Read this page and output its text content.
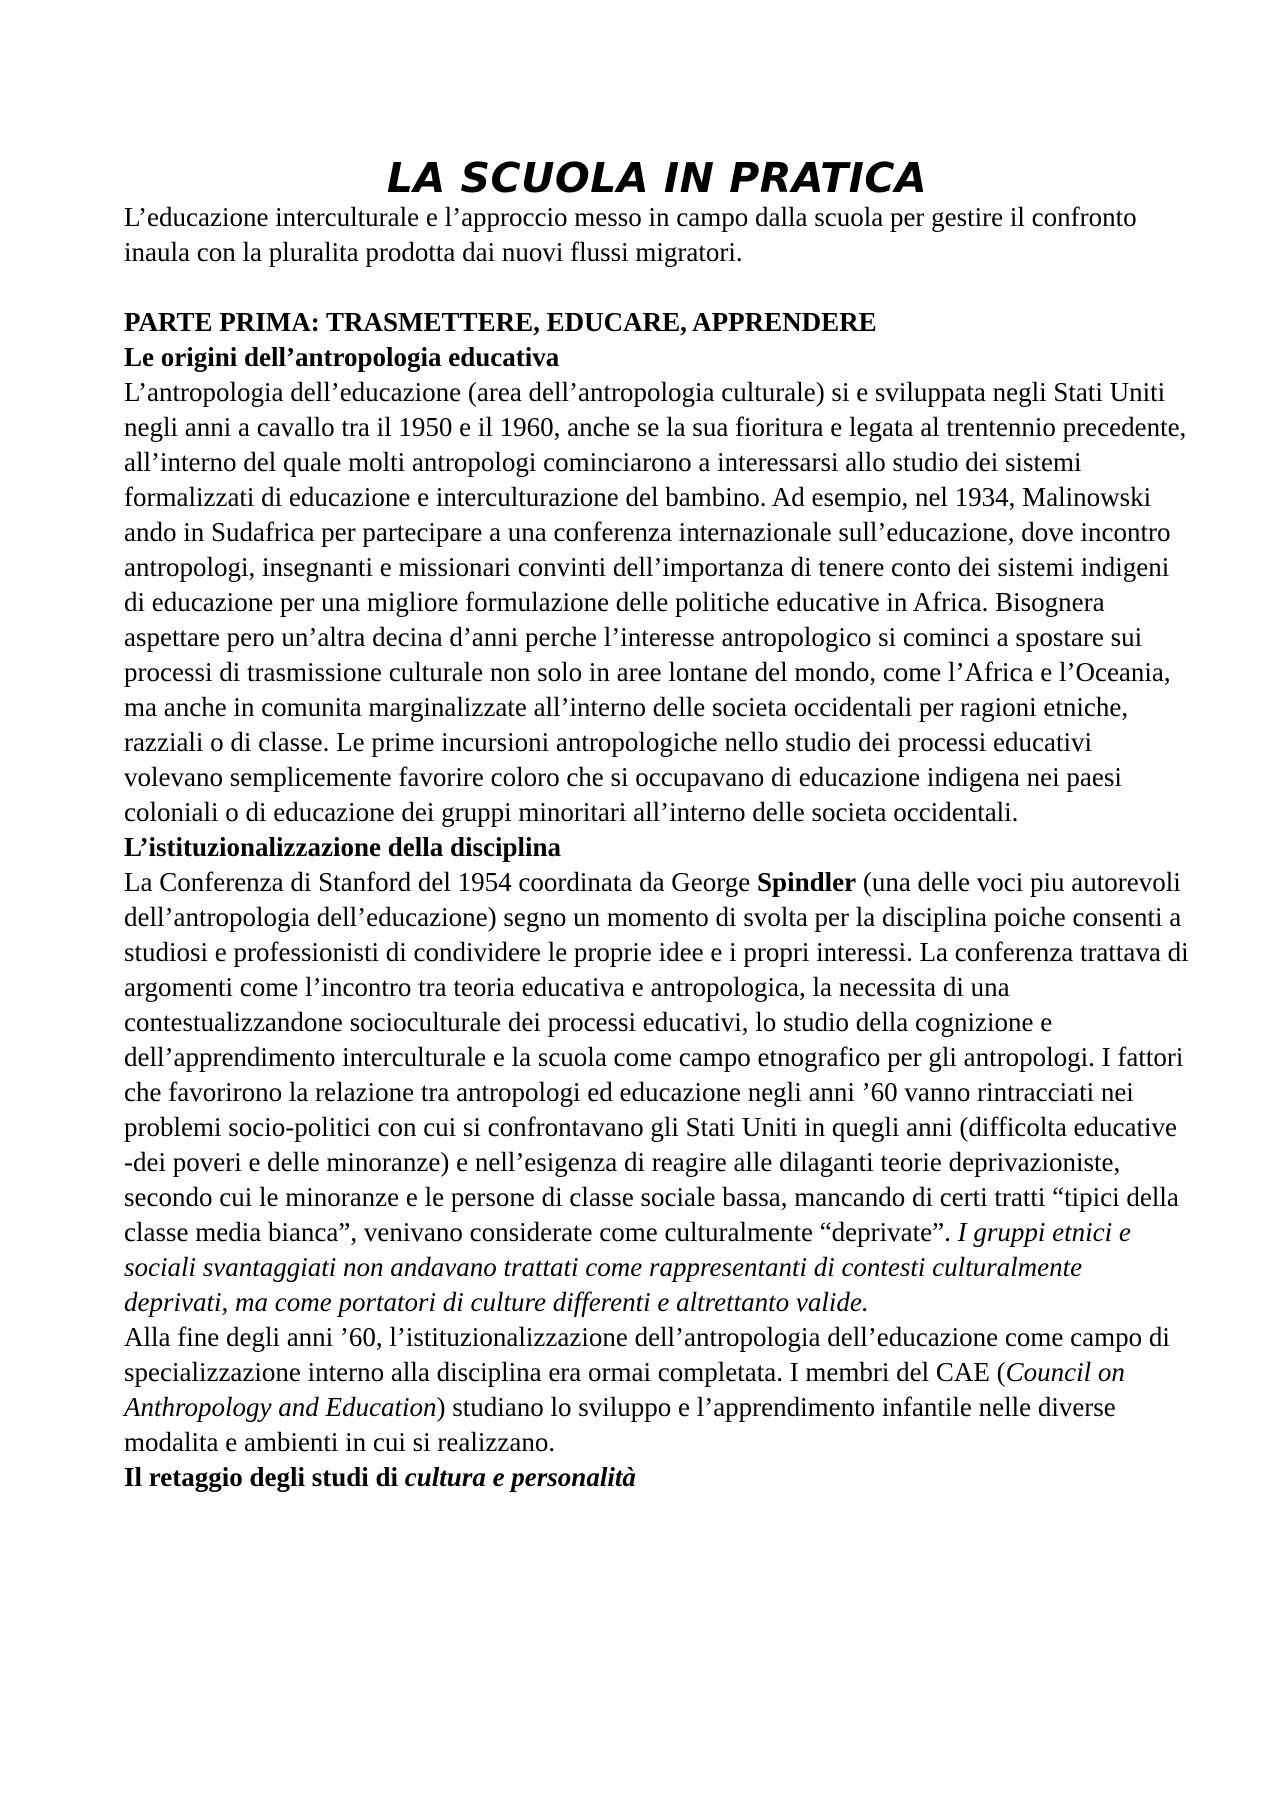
LA SCUOLA IN PRATICA

L’educazione interculturale e l’approccio messo in campo dalla scuola per gestire il confronto inaula con la pluralita prodotta dai nuovi flussi migratori.

PARTE PRIMA: TRASMETTERE, EDUCARE, APPRENDERE

Le origini dell’antropologia educativa

L’antropologia dell’educazione (area dell’antropologia culturale) si e sviluppata negli Stati Uniti negli anni a cavallo tra il 1950 e il 1960, anche se la sua fioritura e legata al trentennio precedente, all’interno del quale molti antropologi cominciarono a interessarsi allo studio dei sistemi formalizzati di educazione e interculturazione del bambino. Ad esempio, nel 1934, Malinowski ando in Sudafrica per partecipare a una conferenza internazionale sull’educazione, dove incontro antropologi, insegnanti e missionari convinti dell’importanza di tenere conto dei sistemi indigeni di educazione per una migliore formulazione delle politiche educative in Africa. Bisognera aspettare pero un’altra decina d’anni perche l’interesse antropologico si cominci a spostare sui processi di trasmissione culturale non solo in aree lontane del mondo, come l’Africa e l’Oceania, ma anche in comunita marginalizzate all’interno delle societa occidentali per ragioni etniche, razziali o di classe. Le prime incursioni antropologiche nello studio dei processi educativi volevano semplicemente favorire coloro che si occupavano di educazione indigena nei paesi coloniali o di educazione dei gruppi minoritari all’interno delle societa occidentali.

L’istituzionalizzazione della disciplina

La Conferenza di Stanford del 1954 coordinata da George Spindler (una delle voci piu autorevoli dell’antropologia dell’educazione) segno un momento di svolta per la disciplina poiche consenti a studiosi e professionisti di condividere le proprie idee e i propri interessi. La conferenza trattava di argomenti come l’incontro tra teoria educativa e antropologica, la necessita di una contestualizzandone socioculturale dei processi educativi, lo studio della cognizione e dell’apprendimento interculturale e la scuola come campo etnografico per gli antropologi. I fattori che favorirono la relazione tra antropologi ed educazione negli anni ’60 vanno rintracciati nei problemi socio-politici con cui si confrontavano gli Stati Uniti in quegli anni (difficolta educative -dei poveri e delle minoranze) e nell’esigenza di reagire alle dilaganti teorie deprivazioniste, secondo cui le minoranze e le persone di classe sociale bassa, mancando di certi tratti “tipici della classe media bianca”, venivano considerate come culturalmente “deprivate”. I gruppi etnici e sociali svantaggiati non andavano trattati come rappresentanti di contesti culturalmente deprivati, ma come portatori di culture differenti e altrettanto valide.

Alla fine degli anni ’60, l’istituzionalizzazione dell’antropologia dell’educazione come campo di specializzazione interno alla disciplina era ormai completata. I membri del CAE (Council on Anthropology and Education) studiano lo sviluppo e l’apprendimento infantile nelle diverse

modalita e ambienti in cui si realizzano.

Il retaggio degli studi di cultura e personalità
